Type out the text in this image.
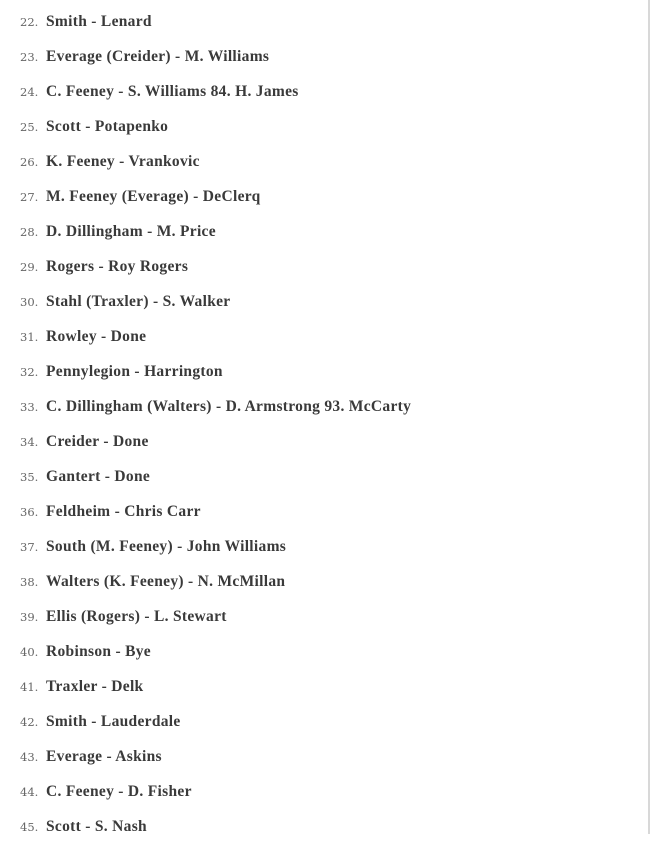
22. Smith - Lenard
23. Everage (Creider) - M. Williams
24. C. Feeney - S. Williams 84. H. James
25. Scott - Potapenko
26. K. Feeney - Vrankovic
27. M. Feeney (Everage) - DeClerq
28. D. Dillingham - M. Price
29. Rogers - Roy Rogers
30. Stahl (Traxler) - S. Walker
31. Rowley - Done
32. Pennylegion - Harrington
33. C. Dillingham (Walters) - D. Armstrong 93. McCarty
34. Creider - Done
35. Gantert - Done
36. Feldheim - Chris Carr
37. South (M. Feeney) - John Williams
38. Walters (K. Feeney) - N. McMillan
39. Ellis (Rogers) - L. Stewart
40. Robinson - Bye
41. Traxler - Delk
42. Smith - Lauderdale
43. Everage - Askins
44. C. Feeney - D. Fisher
45. Scott - S. Nash
